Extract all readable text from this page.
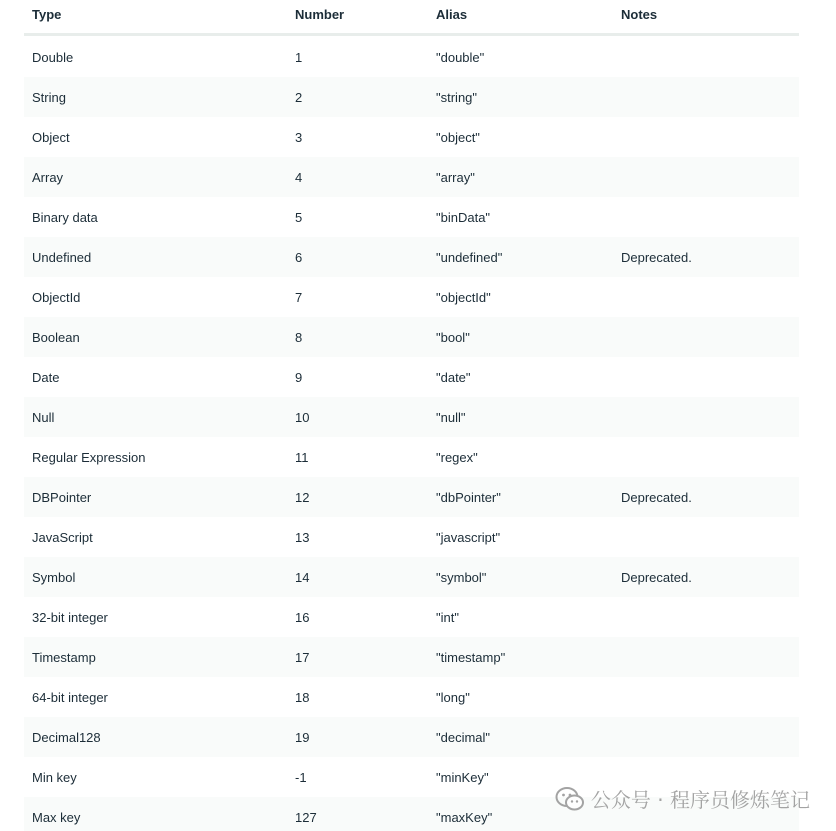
Type	Number	Alias	Notes
Double	1	"double"	
String	2	"string"	
Object	3	"object"	
Array	4	"array"	
Binary data	5	"binData"	
Undefined	6	"undefined"	Deprecated.
ObjectId	7	"objectId"	
Boolean	8	"bool"	
Date	9	"date"	
Null	10	"null"	
Regular Expression	11	"regex"	
DBPointer	12	"dbPointer"	Deprecated.
JavaScript	13	"javascript"	
Symbol	14	"symbol"	Deprecated.
32-bit integer	16	"int"	
Timestamp	17	"timestamp"	
64-bit integer	18	"long"	
Decimal128	19	"decimal"	
Min key	-1	"minKey"	
Max key	127	"maxKey"	
公众号 · 程序员修炼笔记
